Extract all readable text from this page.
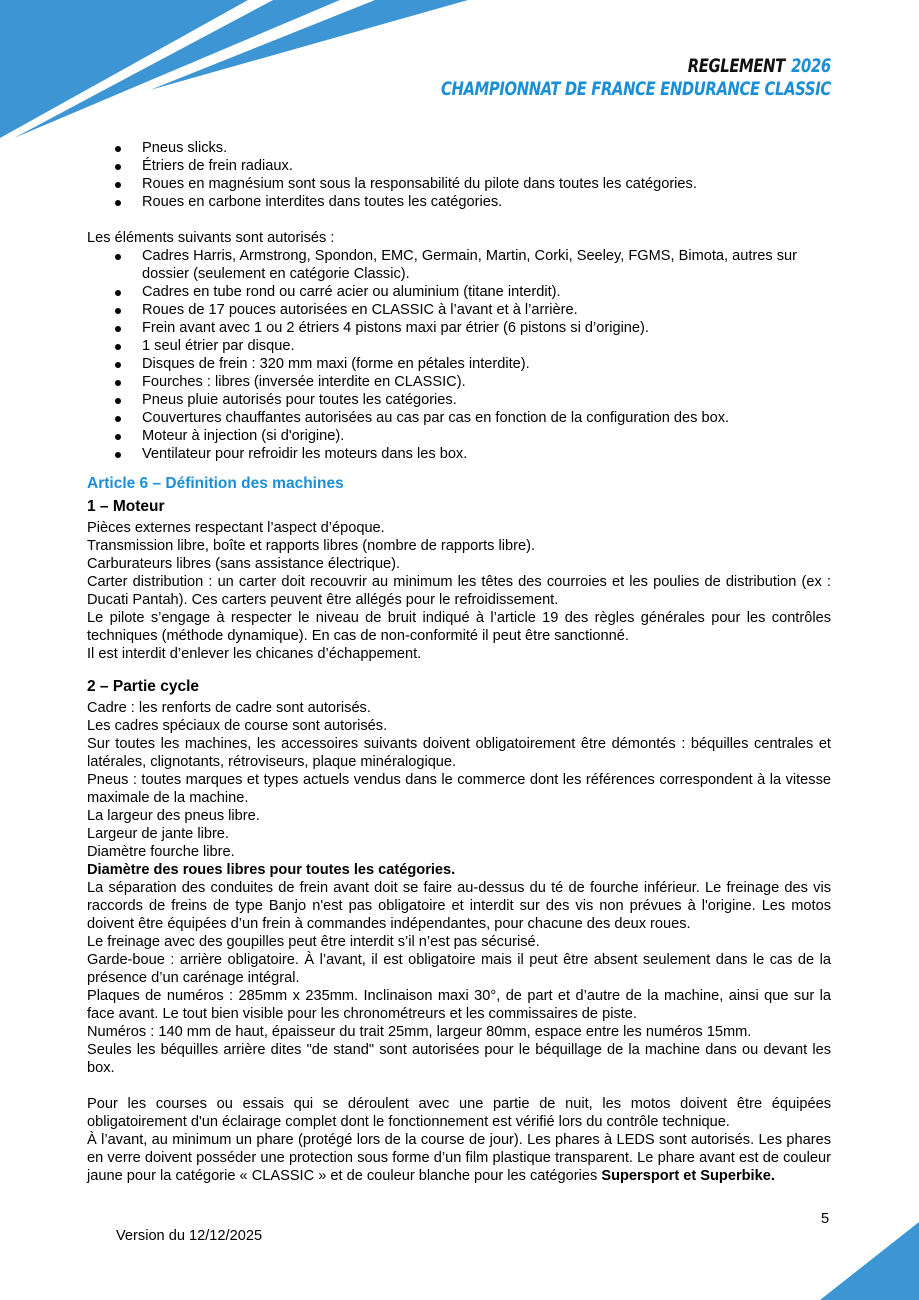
REGLEMENT 2026
CHAMPIONNAT DE FRANCE ENDURANCE CLASSIC
Pneus slicks.
Étriers de frein radiaux.
Roues en magnésium sont sous la responsabilité du pilote dans toutes les catégories.
Roues en carbone interdites dans toutes les catégories.

Les éléments suivants sont autorisés :

Cadres Harris, Armstrong, Spondon, EMC, Germain, Martin, Corki, Seeley, FGMS, Bimota, autres sur dossier (seulement en catégorie Classic).
Cadres en tube rond ou carré acier ou aluminium (titane interdit).
Roues de 17 pouces autorisées en CLASSIC à l’avant et à l’arrière.
Frein avant avec 1 ou 2 étriers 4 pistons maxi par étrier (6 pistons si d’origine).
1 seul étrier par disque.
Disques de frein : 320 mm maxi (forme en pétales interdite).
Fourches : libres (inversée interdite en CLASSIC).
Pneus pluie autorisés pour toutes les catégories.
Couvertures chauffantes autorisées au cas par cas en fonction de la configuration des box.
Moteur à injection (si d'origine).
Ventilateur pour refroidir les moteurs dans les box.
Article 6 – Définition des machines
1 – Moteur

Pièces externes respectant l’aspect d’époque.

Transmission libre, boîte et rapports libres (nombre de rapports libre).

Carburateurs libres (sans assistance électrique).

Carter distribution : un carter doit recouvrir au minimum les têtes des courroies et les poulies de distribution (ex : Ducati Pantah). Ces carters peuvent être allégés pour le refroidissement.

Le pilote s’engage à respecter le niveau de bruit indiqué à l’article 19 des règles générales pour les contrôles techniques (méthode dynamique). En cas de non-conformité il peut être sanctionné.

Il est interdit d’enlever les chicanes d’échappement.

2 – Partie cycle

Cadre : les renforts de cadre sont autorisés.

Les cadres spéciaux de course sont autorisés.

Sur toutes les machines, les accessoires suivants doivent obligatoirement être démontés : béquilles centrales et latérales, clignotants, rétroviseurs, plaque minéralogique.

Pneus : toutes marques et types actuels vendus dans le commerce dont les références correspondent à la vitesse maximale de la machine.

La largeur des pneus libre.

Largeur de jante libre.

Diamètre fourche libre.

Diamètre des roues libres pour toutes les catégories.

La séparation des conduites de frein avant doit se faire au-dessus du té de fourche inférieur. Le freinage des vis raccords de freins de type Banjo n'est pas obligatoire et interdit sur des vis non prévues à l'origine. Les motos doivent être équipées d’un frein à commandes indépendantes, pour chacune des deux roues.

Le freinage avec des goupilles peut être interdit s’il n’est pas sécurisé.

Garde-boue : arrière obligatoire. À l’avant, il est obligatoire mais il peut être absent seulement dans le cas de la présence d’un carénage intégral.

Plaques de numéros : 285mm x 235mm. Inclinaison maxi 30°, de part et d’autre de la machine, ainsi que sur la face avant. Le tout bien visible pour les chronométreurs et les commissaires de piste.

Numéros : 140 mm de haut, épaisseur du trait 25mm, largeur 80mm, espace entre les numéros 15mm.

Seules les béquilles arrière dites "de stand" sont autorisées pour le béquillage de la machine dans ou devant les box.

Pour les courses ou essais qui se déroulent avec une partie de nuit, les motos doivent être équipées obligatoirement d'un éclairage complet dont le fonctionnement est vérifié lors du contrôle technique.

À l’avant, au minimum un phare (protégé lors de la course de jour). Les phares à LEDS sont autorisés. Les phares en verre doivent posséder une protection sous forme d’un film plastique transparent. Le phare avant est de couleur jaune pour la catégorie « CLASSIC » et de couleur blanche pour les catégories Supersport et Superbike.

5
Version du 12/12/2025
